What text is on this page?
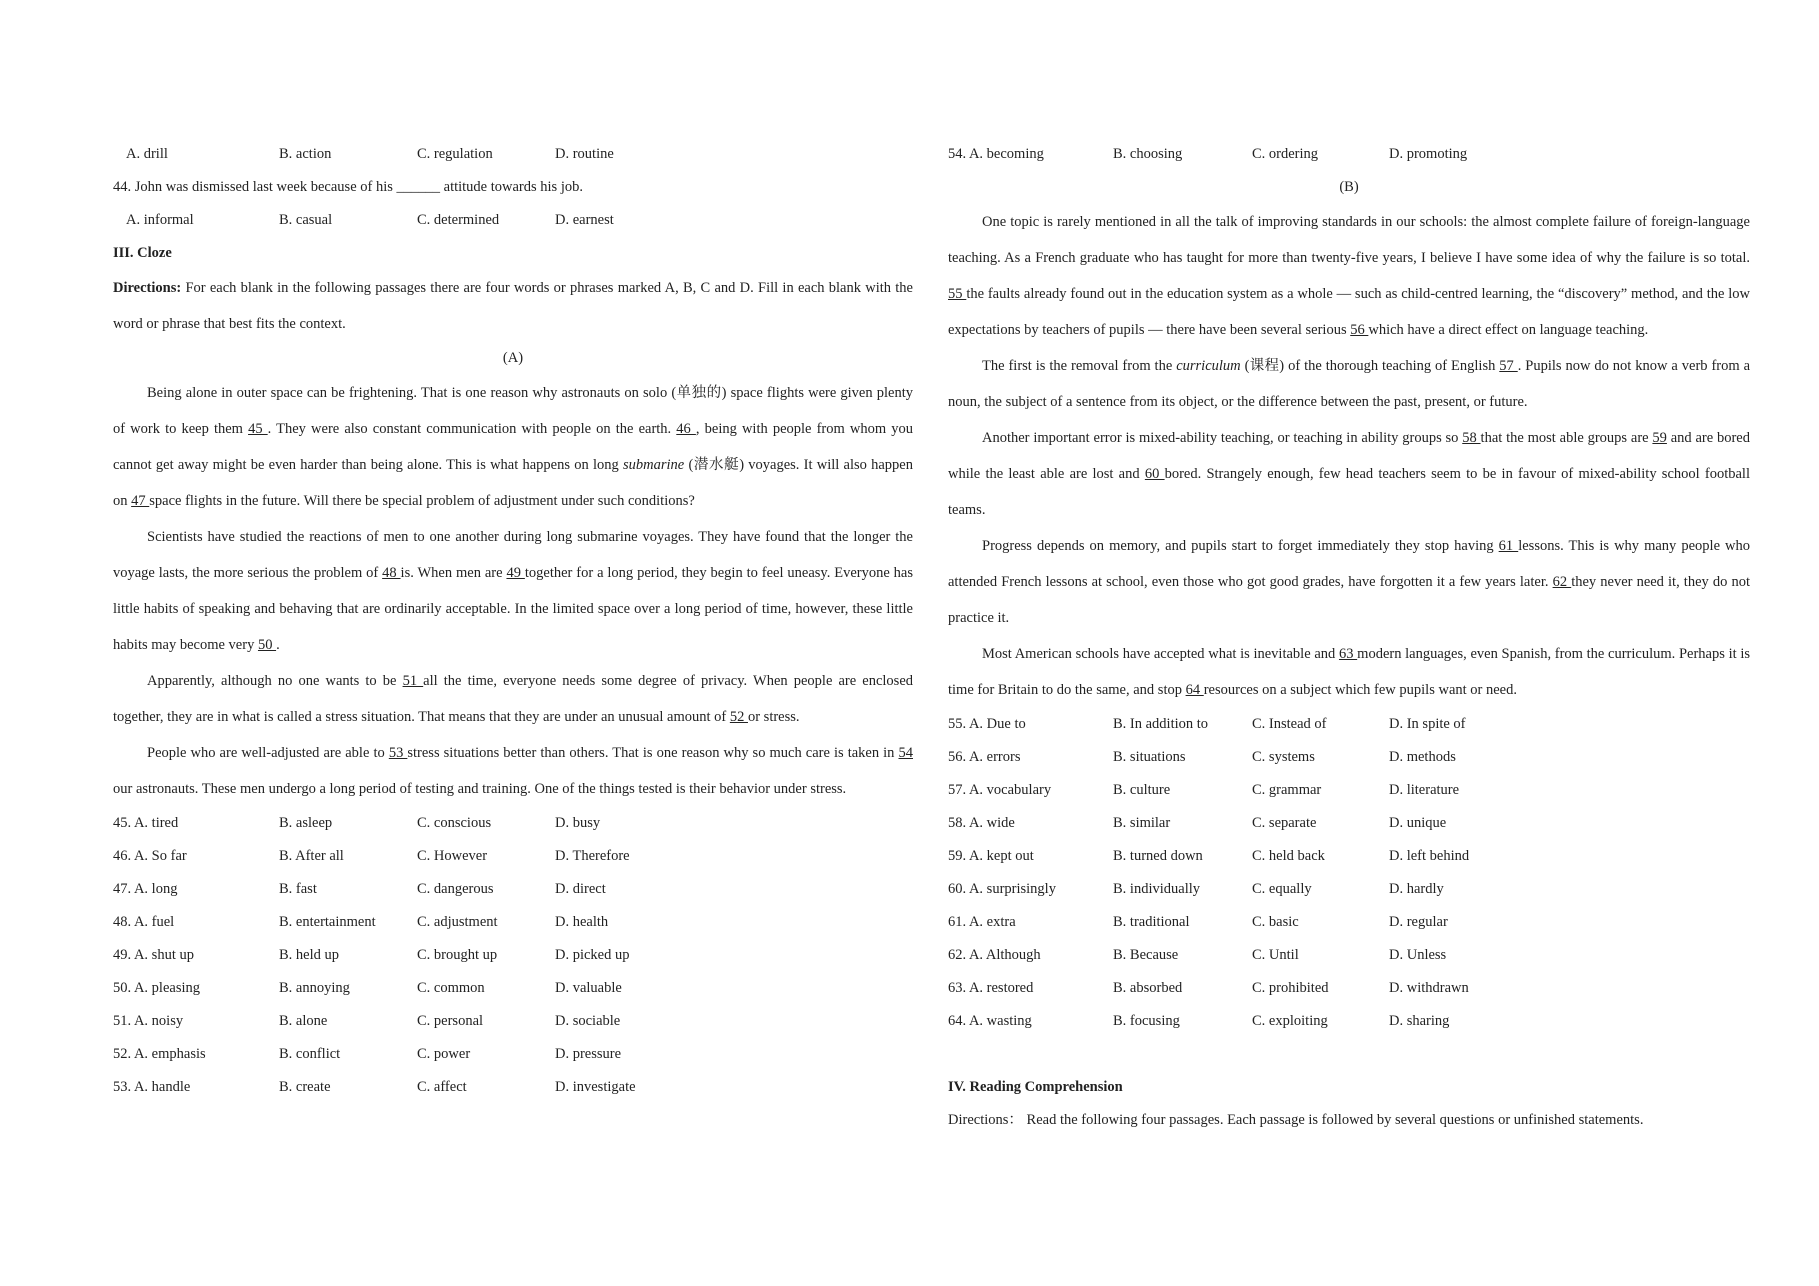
A. drill	B. action	C. regulation	D. routine
44. John was dismissed last week because of his ______ attitude towards his job.
A. informal	B. casual	C. determined	D. earnest
III. Cloze

Directions: For each blank in the following passages there are four words or phrases marked A, B, C and D. Fill in each blank with the word or phrase that best fits the context.

(A)

Being alone in outer space can be frightening. That is one reason why astronauts on solo (单独的) space flights were given plenty of work to keep them 45 . They were also constant communication with people on the earth. 46 , being with people from whom you cannot get away might be even harder than being alone. This is what happens on long submarine (潜水艇) voyages. It will also happen on 47 space flights in the future. Will there be special problem of adjustment under such conditions?

Scientists have studied the reactions of men to one another during long submarine voyages. They have found that the longer the voyage lasts, the more serious the problem of 48 is. When men are 49 together for a long period, they begin to feel uneasy. Everyone has little habits of speaking and behaving that are ordinarily acceptable. In the limited space over a long period of time, however, these little habits may become very 50 .

Apparently, although no one wants to be 51 all the time, everyone needs some degree of privacy. When people are enclosed together, they are in what is called a stress situation. That means that they are under an unusual amount of 52 or stress.

People who are well-adjusted are able to 53 stress situations better than others. That is one reason why so much care is taken in 54 our astronauts. These men undergo a long period of testing and training. One of the things tested is their behavior under stress.

45. A. tired	B. asleep	C. conscious	D. busy
46. A. So far	B. After all	C. However	D. Therefore
47. A. long	B. fast	C. dangerous	D. direct
48. A. fuel	B. entertainment	C. adjustment	D. health
49. A. shut up	B. held up	C. brought up	D. picked up
50. A. pleasing	B. annoying	C. common	D. valuable
51. A. noisy	B. alone	C. personal	D. sociable
52. A. emphasis	B. conflict	C. power	D. pressure
53. A. handle	B. create	C. affect	D. investigate
54. A. becoming	B. choosing	C. ordering	D. promoting
(B)

One topic is rarely mentioned in all the talk of improving standards in our schools: the almost complete failure of foreign-language teaching. As a French graduate who has taught for more than twenty-five years, I believe I have some idea of why the failure is so total. 55 the faults already found out in the education system as a whole — such as child-centred learning, the “discovery” method, and the low expectations by teachers of pupils — there have been several serious 56 which have a direct effect on language teaching.

The first is the removal from the curriculum (课程) of the thorough teaching of English 57 . Pupils now do not know a verb from a noun, the subject of a sentence from its object, or the difference between the past, present, or future.

Another important error is mixed-ability teaching, or teaching in ability groups so 58 that the most able groups are 59 and are bored while the least able are lost and 60 bored. Strangely enough, few head teachers seem to be in favour of mixed-ability school football teams.

Progress depends on memory, and pupils start to forget immediately they stop having 61 lessons. This is why many people who attended French lessons at school, even those who got good grades, have forgotten it a few years later. 62 they never need it, they do not practice it.

Most American schools have accepted what is inevitable and 63 modern languages, even Spanish, from the curriculum. Perhaps it is time for Britain to do the same, and stop 64 resources on a subject which few pupils want or need.

55. A. Due to	B. In addition to	C. Instead of	D. In spite of
56. A. errors	B. situations	C. systems	D. methods
57. A. vocabulary	B. culture	C. grammar	D. literature
58. A. wide	B. similar	C. separate	D. unique
59. A. kept out	B. turned down	C. held back	D. left behind
60. A. surprisingly	B. individually	C. equally	D. hardly
61. A. extra	B. traditional	C. basic	D. regular
62. A. Although	B. Because	C. Until	D. Unless
63. A. restored	B. absorbed	C. prohibited	D. withdrawn
64. A. wasting	B. focusing	C. exploiting	D. sharing
IV. Reading Comprehension

Directions： Read the following four passages. Each passage is followed by several questions or unfinished statements.
